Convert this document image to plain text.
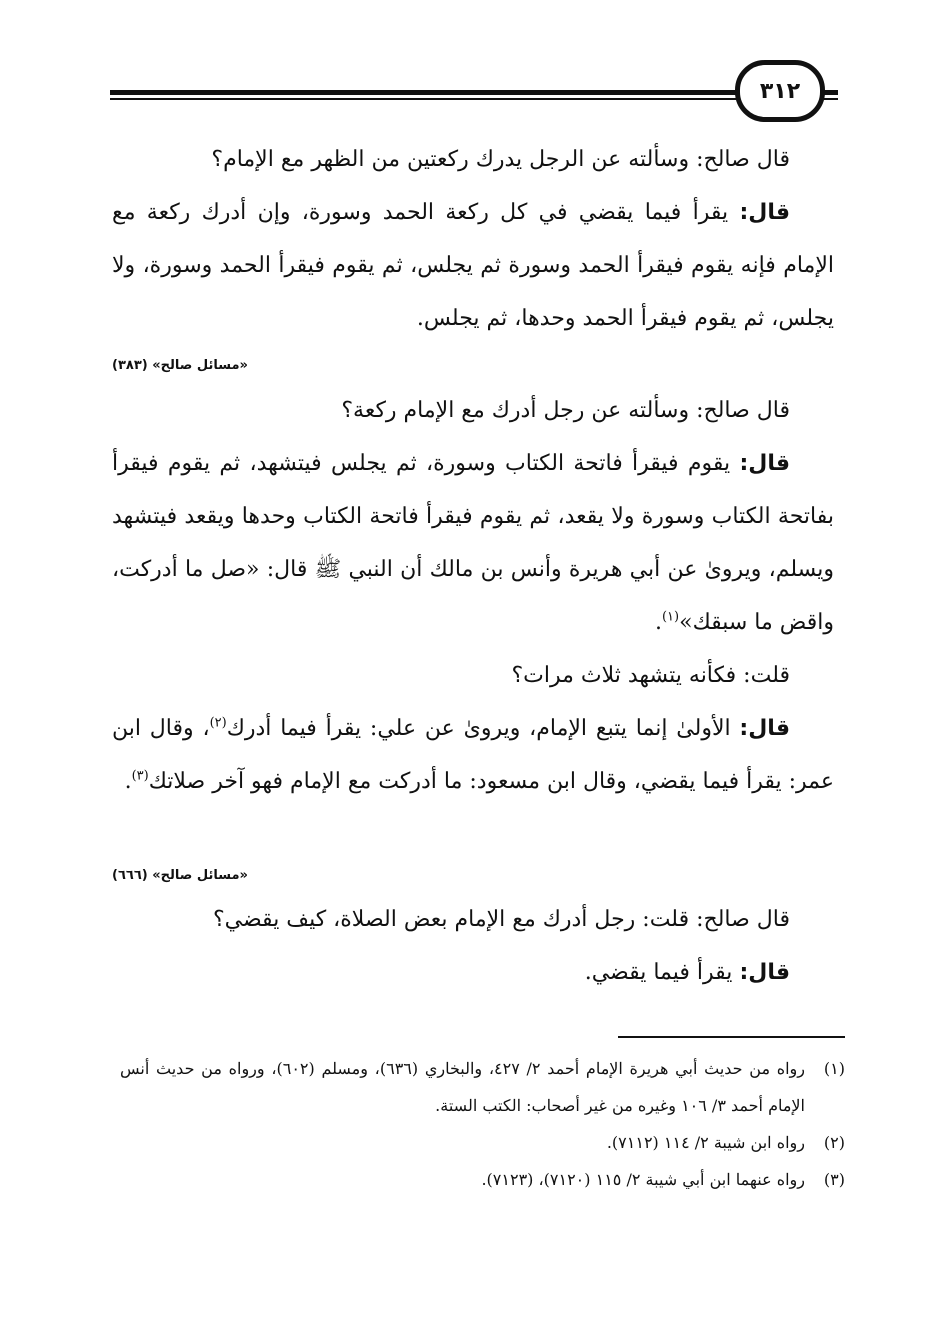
٣١٢

قال صالح: وسألته عن الرجل يدرك ركعتين من الظهر مع الإمام؟

قال: يقرأ فيما يقضي في كل ركعة الحمد وسورة، وإن أدرك ركعة مع الإمام فإنه يقوم فيقرأ الحمد وسورة ثم يجلس، ثم يقوم فيقرأ الحمد وسورة، ولا يجلس، ثم يقوم فيقرأ الحمد وحدها، ثم يجلس.

«مسائل صالح» (٣٨٣)

قال صالح: وسألته عن رجل أدرك مع الإمام ركعة؟

قال: يقوم فيقرأ فاتحة الكتاب وسورة، ثم يجلس فيتشهد، ثم يقوم فيقرأ بفاتحة الكتاب وسورة ولا يقعد، ثم يقوم فيقرأ فاتحة الكتاب وحدها ويقعد فيتشهد ويسلم، ويروىٰ عن أبي هريرة وأنس بن مالك أن النبي ﷺ قال: «صل ما أدركت، واقض ما سبقك»$^{(١)}$.

قلت: فكأنه يتشهد ثلاث مرات؟

قال: الأولىٰ إنما يتبع الإمام، ويروىٰ عن علي: يقرأ فيما أدرك$^{(٢)}$، وقال ابن عمر: يقرأ فيما يقضي، وقال ابن مسعود: ما أدركت مع الإمام فهو آخر صلاتك$^{(٣)}$.

«مسائل صالح» (٦٦٦)

قال صالح: قلت: رجل أدرك مع الإمام بعض الصلاة، كيف يقضي؟

قال: يقرأ فيما يقضي.

(١)
رواه من حديث أبي هريرة الإمام أحمد ٢/ ٤٢٧، والبخاري (٦٣٦)، ومسلم (٦٠٢)، ورواه من حديث أنس الإمام أحمد ٣/ ١٠٦ وغيره من غير أصحاب: الكتب الستة.

(٢)
رواه ابن شيبة ٢/ ١١٤ (٧١١٢).

(٣)
رواه عنهما ابن أبي شيبة ٢/ ١١٥ (٧١٢٠)، (٧١٢٣).
